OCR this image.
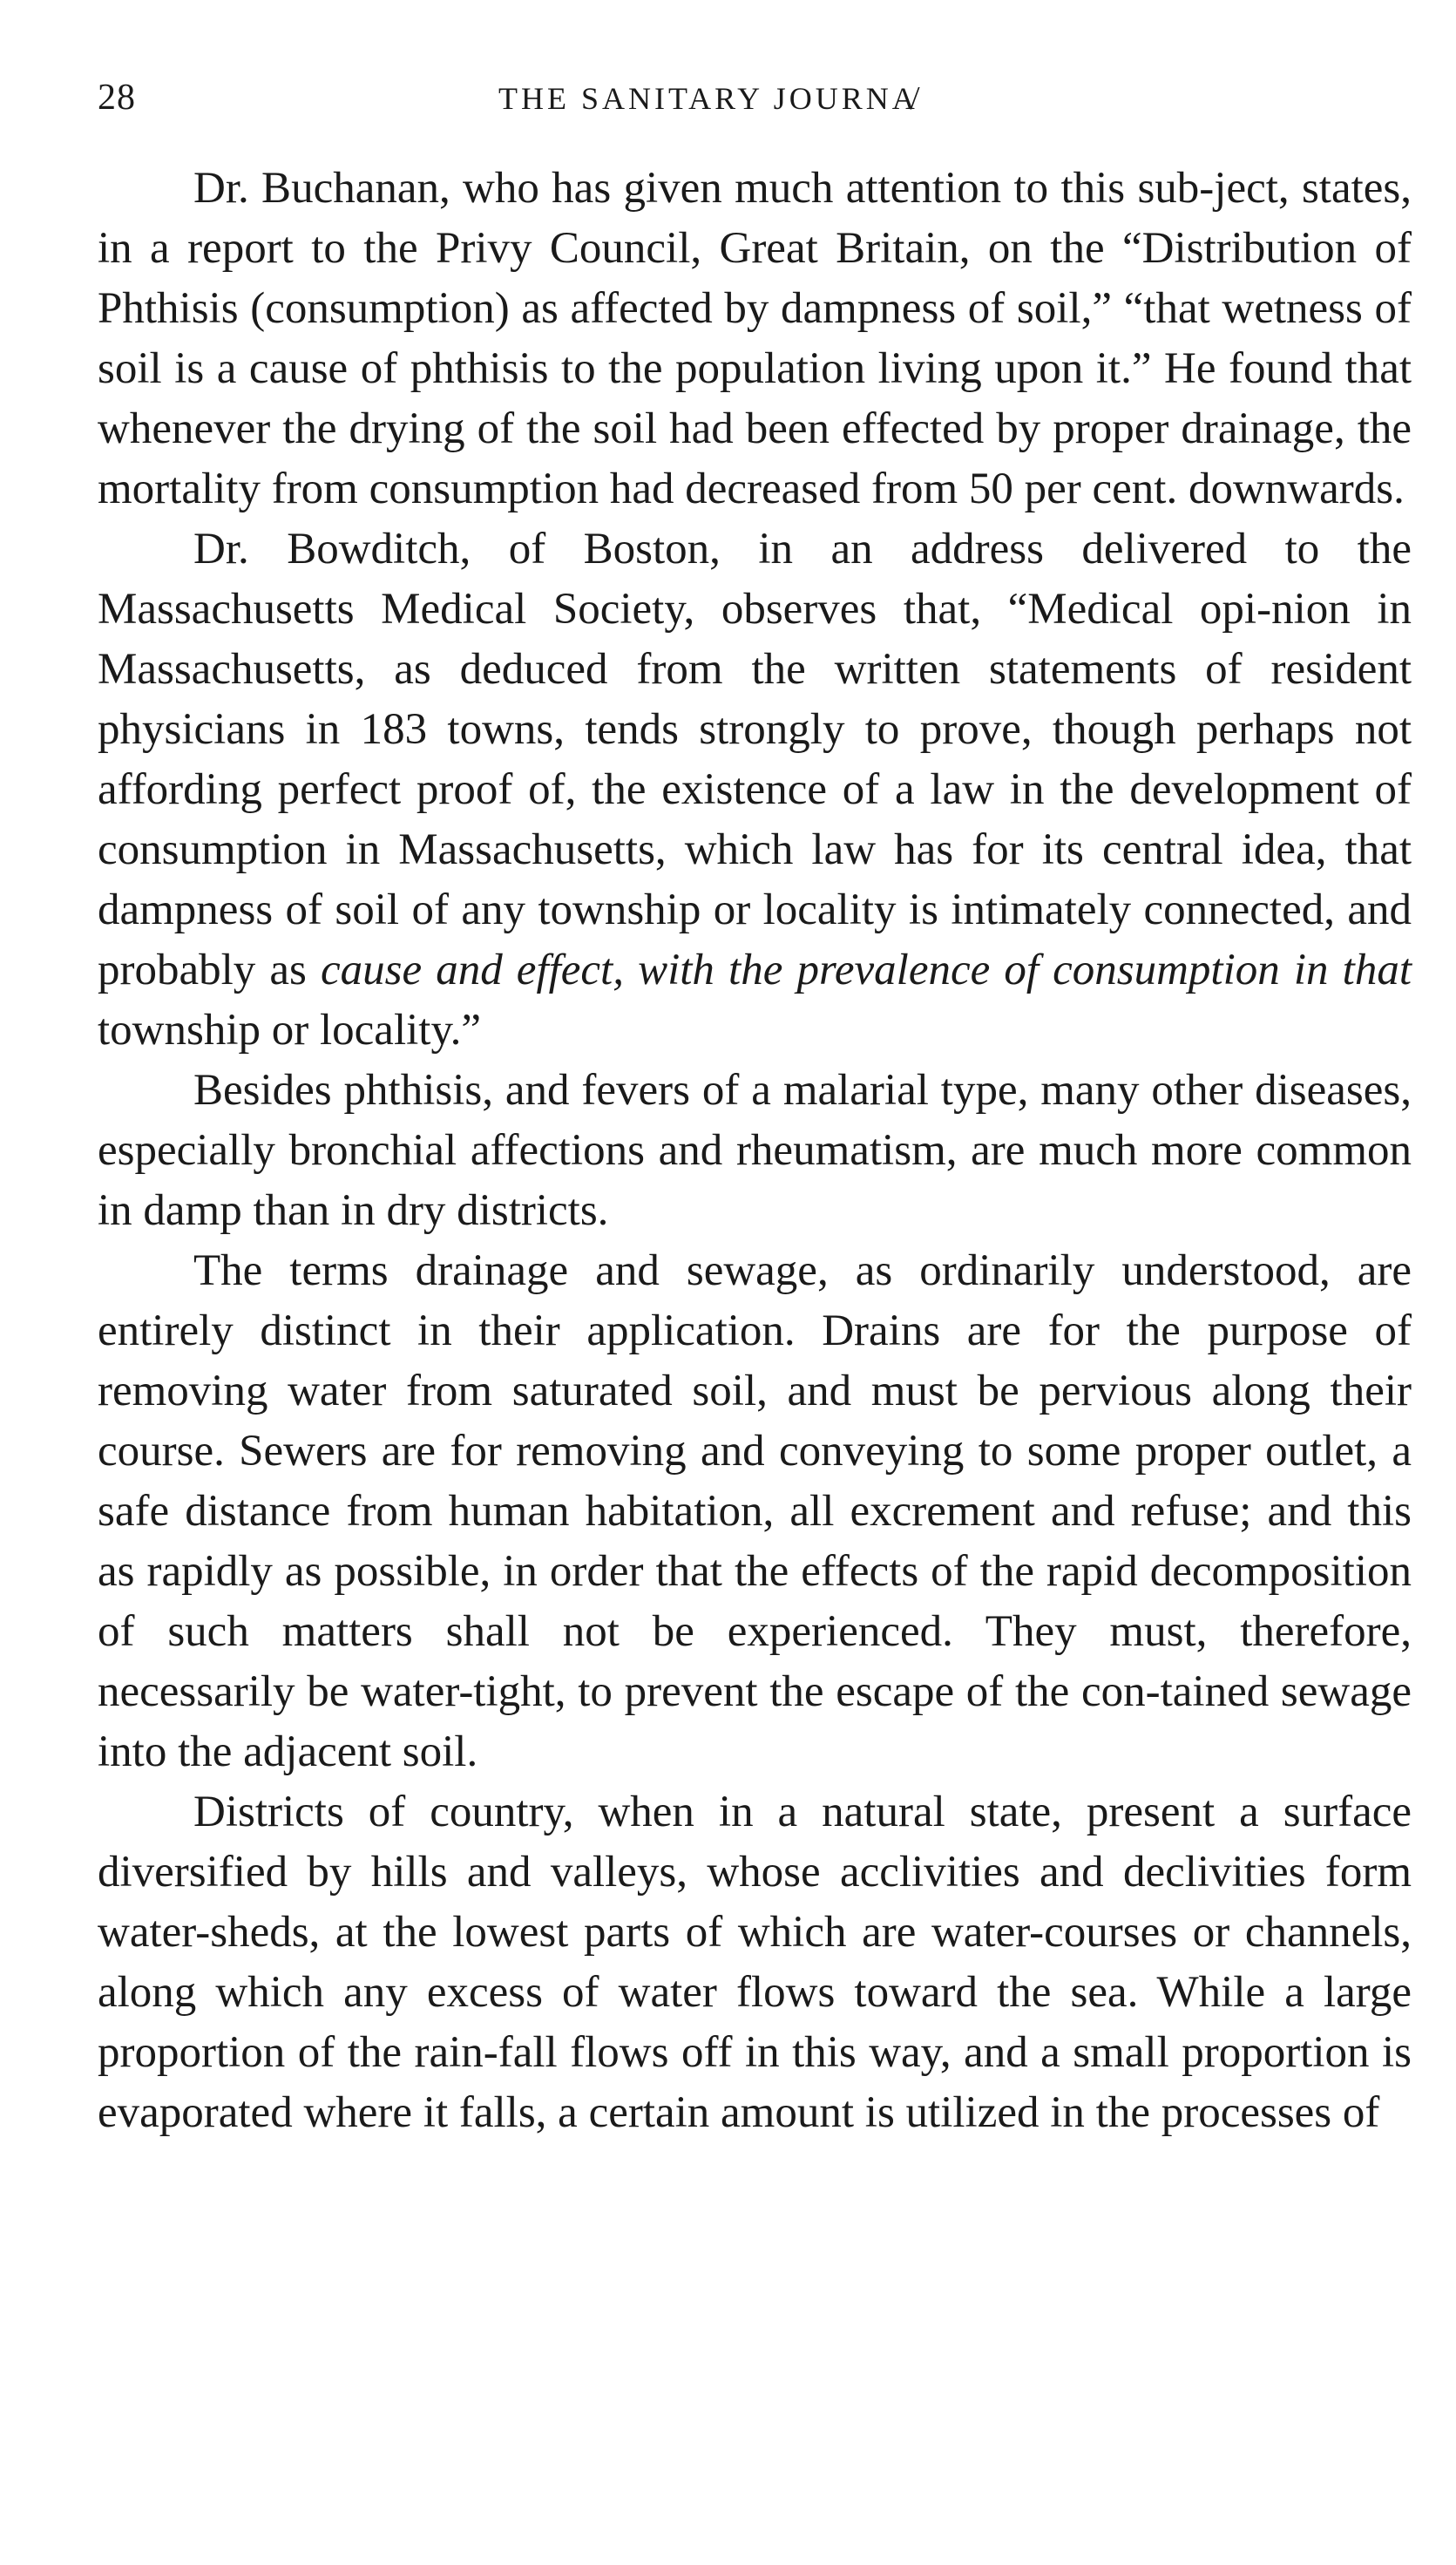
28	THE SANITARY JOURNA̸

Dr. Buchanan, who has given much attention to this sub-ject, states, in a report to the Privy Council, Great Britain, on the “Distribution of Phthisis (consumption) as affected by dampness of soil,” “that wetness of soil is a cause of phthisis to the population living upon it.” He found that whenever the drying of the soil had been effected by proper drainage, the mortality from consumption had decreased from 50 per cent. downwards.

Dr. Bowditch, of Boston, in an address delivered to the Massachusetts Medical Society, observes that, “Medical opi-nion in Massachusetts, as deduced from the written statements of resident physicians in 183 towns, tends strongly to prove, though perhaps not affording perfect proof of, the existence of a law in the development of consumption in Massachusetts, which law has for its central idea, that dampness of soil of any township or locality is intimately connected, and probably as cause and effect, with the prevalence of consumption in that township or locality.”

Besides phthisis, and fevers of a malarial type, many other diseases, especially bronchial affections and rheumatism, are much more common in damp than in dry districts.

The terms drainage and sewage, as ordinarily understood, are entirely distinct in their application. Drains are for the purpose of removing water from saturated soil, and must be pervious along their course. Sewers are for removing and conveying to some proper outlet, a safe distance from human habitation, all excrement and refuse; and this as rapidly as possible, in order that the effects of the rapid decomposition of such matters shall not be experienced. They must, therefore, necessarily be water-tight, to prevent the escape of the con-tained sewage into the adjacent soil.

Districts of country, when in a natural state, present a surface diversified by hills and valleys, whose acclivities and declivities form water-sheds, at the lowest parts of which are water-courses or channels, along which any excess of water flows toward the sea. While a large proportion of the rain-fall flows off in this way, and a small proportion is evaporated where it falls, a certain amount is utilized in the processes of
